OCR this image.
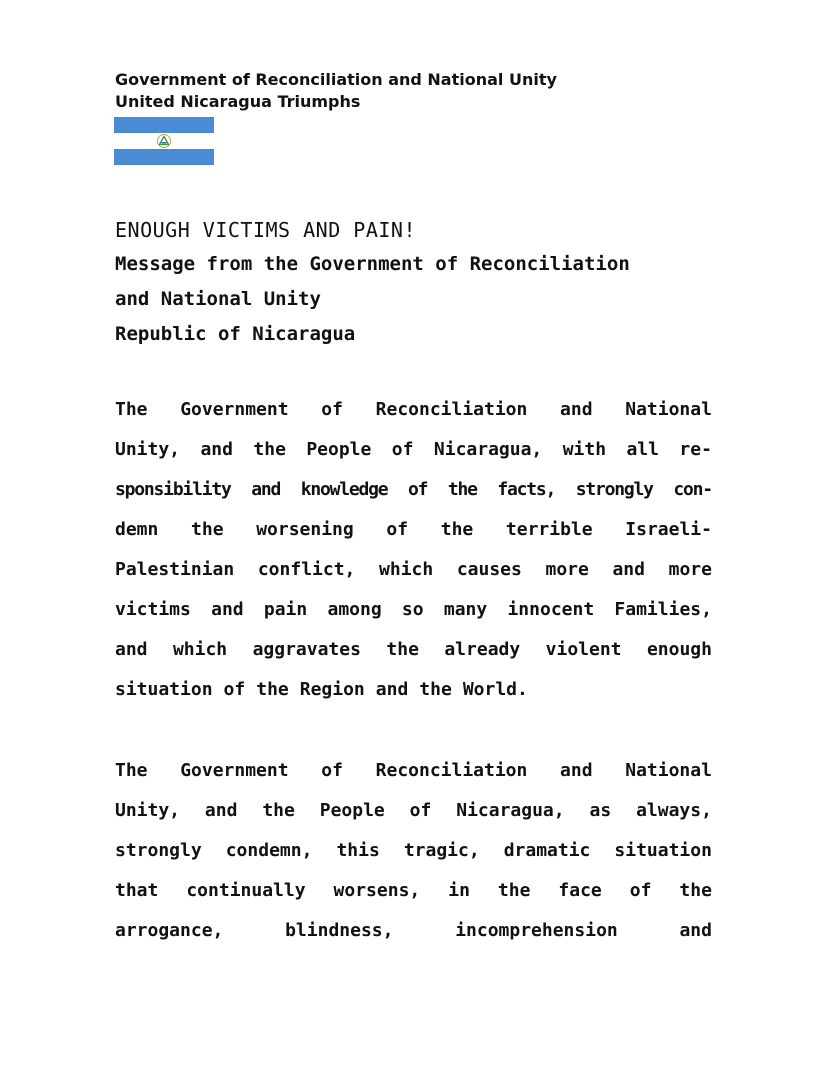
Government of Reconciliation and National Unity
United Nicaragua Triumphs
ENOUGH VICTIMS AND PAIN!
Message from the Government of Reconciliation
and National Unity
Republic of Nicaragua
The Government of Reconciliation and National
Unity, and the People of Nicaragua, with all re-
sponsibility and knowledge of the facts, strongly con-
demn the worsening of the terrible Israeli-
Palestinian conflict, which causes more and more
victims and pain among so many innocent Families,
and which aggravates the already violent enough
situation of the Region and the World.
The Government of Reconciliation and National
Unity, and the People of Nicaragua, as always,
strongly condemn, this tragic, dramatic situation
that continually worsens, in the face of the
arrogance,	blindness,	incomprehension	and
